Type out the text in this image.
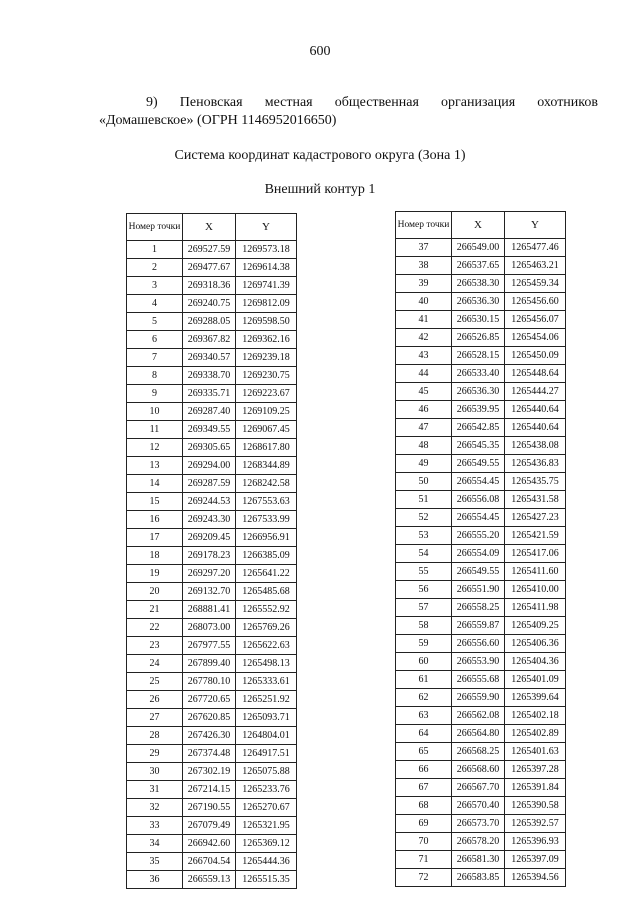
600
9) Пеновская местная общественная организация охотников
«Домашевское» (ОГРН 1146952016650)
Система координат кадастрового округа (Зона 1)
Внешний контур 1
Номер точки	X	Y
1	269527.59	1269573.18
2	269477.67	1269614.38
3	269318.36	1269741.39
4	269240.75	1269812.09
5	269288.05	1269598.50
6	269367.82	1269362.16
7	269340.57	1269239.18
8	269338.70	1269230.75
9	269335.71	1269223.67
10	269287.40	1269109.25
11	269349.55	1269067.45
12	269305.65	1268617.80
13	269294.00	1268344.89
14	269287.59	1268242.58
15	269244.53	1267553.63
16	269243.30	1267533.99
17	269209.45	1266956.91
18	269178.23	1266385.09
19	269297.20	1265641.22
20	269132.70	1265485.68
21	268881.41	1265552.92
22	268073.00	1265769.26
23	267977.55	1265622.63
24	267899.40	1265498.13
25	267780.10	1265333.61
26	267720.65	1265251.92
27	267620.85	1265093.71
28	267426.30	1264804.01
29	267374.48	1264917.51
30	267302.19	1265075.88
31	267214.15	1265233.76
32	267190.55	1265270.67
33	267079.49	1265321.95
34	266942.60	1265369.12
35	266704.54	1265444.36
36	266559.13	1265515.35
Номер точки	X	Y
37	266549.00	1265477.46
38	266537.65	1265463.21
39	266538.30	1265459.34
40	266536.30	1265456.60
41	266530.15	1265456.07
42	266526.85	1265454.06
43	266528.15	1265450.09
44	266533.40	1265448.64
45	266536.30	1265444.27
46	266539.95	1265440.64
47	266542.85	1265440.64
48	266545.35	1265438.08
49	266549.55	1265436.83
50	266554.45	1265435.75
51	266556.08	1265431.58
52	266554.45	1265427.23
53	266555.20	1265421.59
54	266554.09	1265417.06
55	266549.55	1265411.60
56	266551.90	1265410.00
57	266558.25	1265411.98
58	266559.87	1265409.25
59	266556.60	1265406.36
60	266553.90	1265404.36
61	266555.68	1265401.09
62	266559.90	1265399.64
63	266562.08	1265402.18
64	266564.80	1265402.89
65	266568.25	1265401.63
66	266568.60	1265397.28
67	266567.70	1265391.84
68	266570.40	1265390.58
69	266573.70	1265392.57
70	266578.20	1265396.93
71	266581.30	1265397.09
72	266583.85	1265394.56
